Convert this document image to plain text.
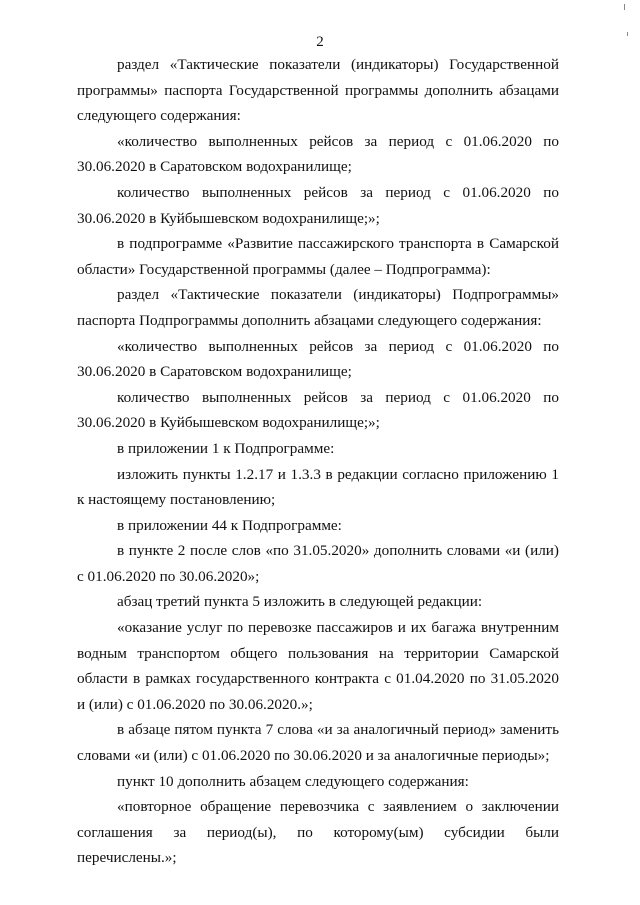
2

раздел «Тактические показатели (индикаторы) Государственной программы» паспорта Государственной программы дополнить абзацами следующего содержания:

«количество выполненных рейсов за период с 01.06.2020 по 30.06.2020 в Саратовском водохранилище;

количество выполненных рейсов за период с 01.06.2020 по 30.06.2020 в Куйбышевском водохранилище;»;

в подпрограмме «Развитие пассажирского транспорта в Самарской области» Государственной программы (далее – Подпрограмма):

раздел «Тактические показатели (индикаторы) Подпрограммы» паспорта Подпрограммы дополнить абзацами следующего содержания:

«количество выполненных рейсов за период с 01.06.2020 по 30.06.2020 в Саратовском водохранилище;

количество выполненных рейсов за период с 01.06.2020 по 30.06.2020 в Куйбышевском водохранилище;»;

в приложении 1 к Подпрограмме:

изложить пункты 1.2.17 и 1.3.3 в редакции согласно приложению 1 к настоящему постановлению;

в приложении 44 к Подпрограмме:

в пункте 2 после слов «по 31.05.2020» дополнить словами «и (или) с 01.06.2020 по 30.06.2020»;

абзац третий пункта 5 изложить в следующей редакции:

«оказание услуг по перевозке пассажиров и их багажа внутренним водным транспортом общего пользования на территории Самарской области в рамках государственного контракта с 01.04.2020 по 31.05.2020 и (или) с 01.06.2020 по 30.06.2020.»;

в абзаце пятом пункта 7 слова «и за аналогичный период» заменить словами «и (или) с 01.06.2020 по 30.06.2020 и за аналогичные периоды»;

пункт 10 дополнить абзацем следующего содержания:

«повторное обращение перевозчика с заявлением о заключении соглашения за период(ы), по которому(ым) субсидии были перечислены.»;
